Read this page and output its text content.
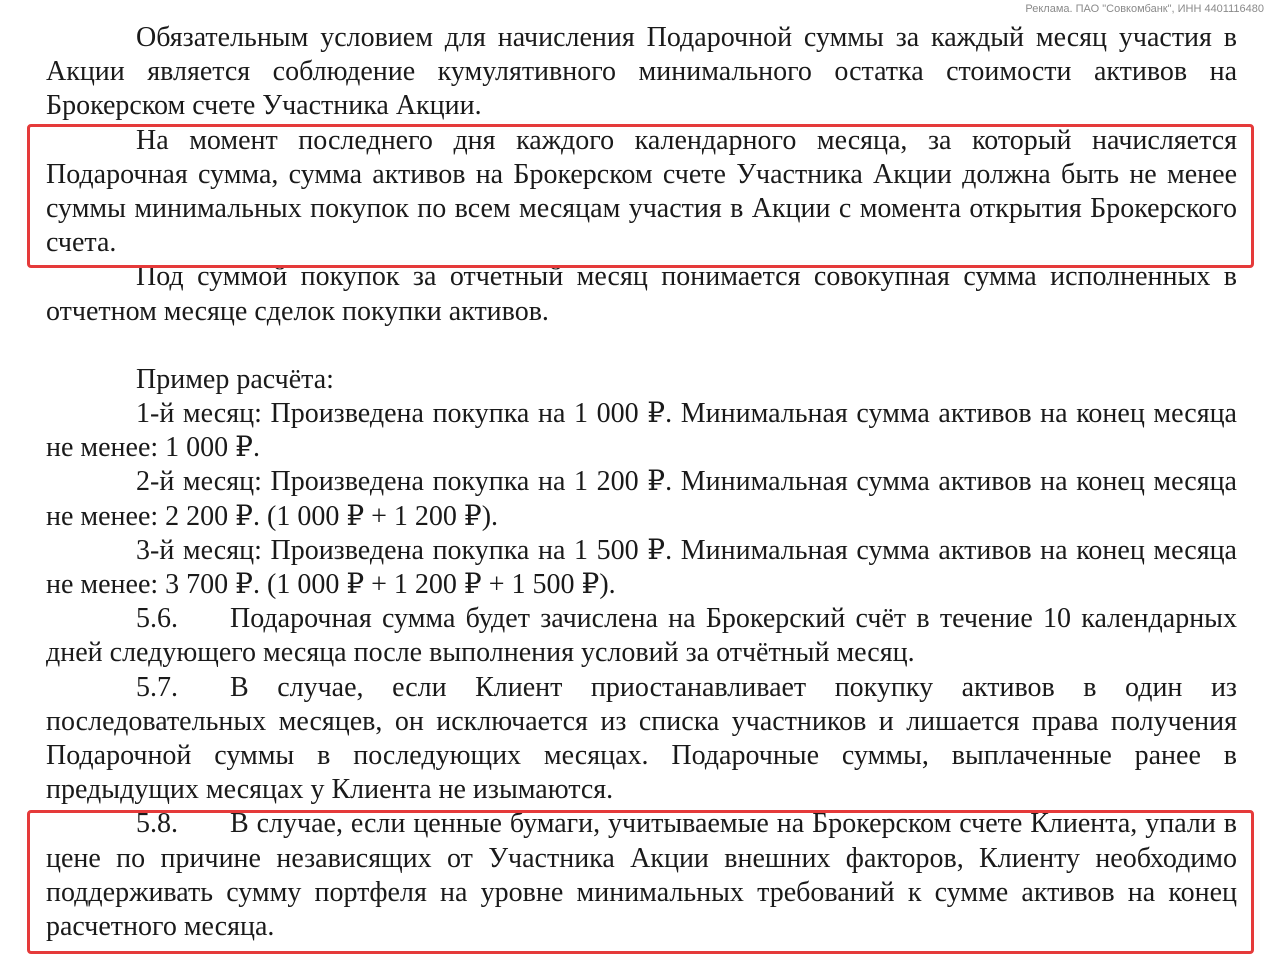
Реклама. ПАО "Совкомбанк", ИНН 4401116480

Обязательным условием для начисления Подарочной суммы за каждый месяц участия в Акции является соблюдение кумулятивного минимального остатка стоимости активов на Брокерском счете Участника Акции.

На момент последнего дня каждого календарного месяца, за который начисляется Подарочная сумма, сумма активов на Брокерском счете Участника Акции должна быть не менее суммы минимальных покупок по всем месяцам участия в Акции с момента открытия Брокерского счета.

Под суммой покупок за отчетный месяц понимается совокупная сумма исполненных в отчетном месяце сделок покупки активов.

Пример расчёта:

1-й месяц: Произведена покупка на 1 000 ₽. Минимальная сумма активов на конец месяца не менее: 1 000 ₽.

2-й месяц: Произведена покупка на 1 200 ₽. Минимальная сумма активов на конец месяца не менее: 2 200 ₽. (1 000 ₽ + 1 200 ₽).

3-й месяц: Произведена покупка на 1 500 ₽. Минимальная сумма активов на конец месяца не менее: 3 700 ₽. (1 000 ₽ + 1 200 ₽ + 1 500 ₽).

5.6. Подарочная сумма будет зачислена на Брокерский счёт в течение 10 календарных дней следующего месяца после выполнения условий за отчётный месяц.

5.7. В случае, если Клиент приостанавливает покупку активов в один из последовательных месяцев, он исключается из списка участников и лишается права получения Подарочной суммы в последующих месяцах. Подарочные суммы, выплаченные ранее в предыдущих месяцах у Клиента не изымаются.

5.8. В случае, если ценные бумаги, учитываемые на Брокерском счете Клиента, упали в цене по причине независящих от Участника Акции внешних факторов, Клиенту необходимо поддерживать сумму портфеля на уровне минимальных требований к сумме активов на конец расчетного месяца.
